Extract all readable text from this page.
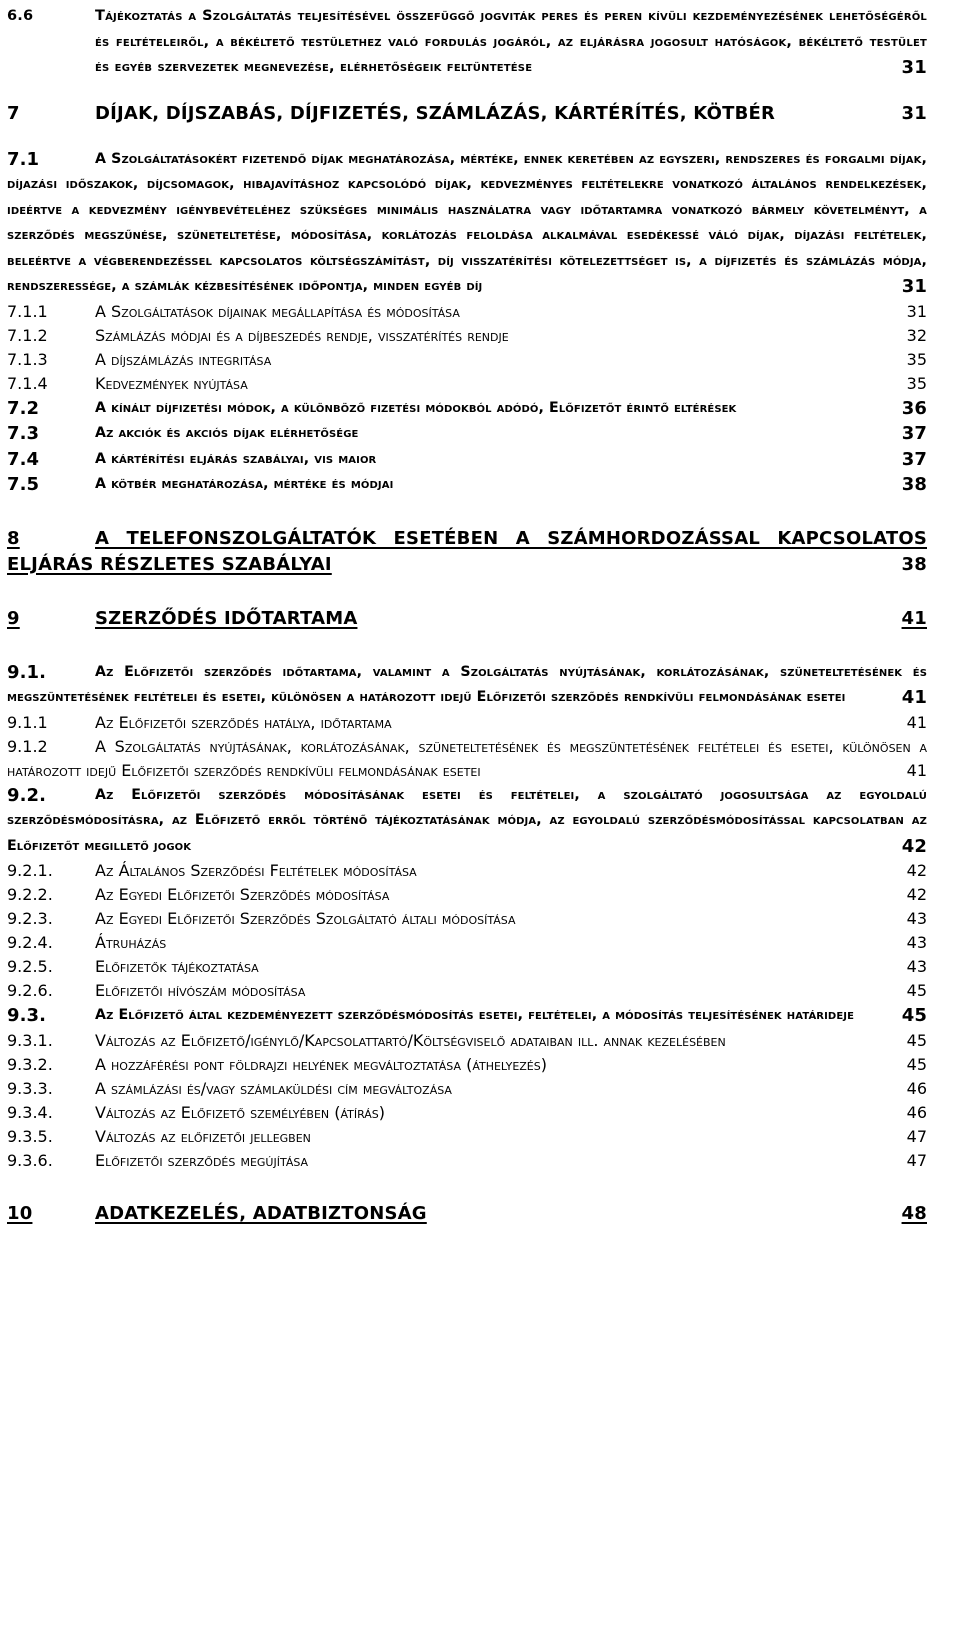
6.6	Tájékoztatás a Szolgáltatás teljesítésével összefüggő jogviták peres és peren kívüli kezdeményezésének lehetőségéről és feltételeiről, a békéltető testülethez való fordulás jogáról, az eljárásra jogosult hatóságok, békéltető testület és egyéb szervezetek megnevezése, elérhetőségeik feltüntetése	31
7	DÍJAK, DÍJSZABÁS, DÍJFIZETÉS, SZÁMLÁZÁS, KÁRTÉRÍTÉS, KÖTBÉR	31
7.1	A Szolgáltatásokért fizetendő díjak meghatározása, mértéke, ennek keretében az egyszeri, rendszeres és forgalmi díjak, díjazási időszakok, díjcsomagok, hibajavításhoz kapcsolódó díjak, kedvezményes feltételekre vonatkozó általános rendelkezések, ideértve a kedvezmény igénybevételéhez szükséges minimális használatra vagy időtartamra vonatkozó bármely követelményt, a szerződés megszűnése, szüneteltetése, módosítása, korlátozás feloldása alkalmával esedékessé váló díjak, díjazási feltételek, beleértve a végberendezéssel kapcsolatos költségszámítást, díj visszatérítési kötelezettséget is, a díjfizetés és számlázás módja, rendszeressége, a számlák kézbesítésének időpontja, minden egyéb díj	31
7.1.1	A Szolgáltatások díjainak megállapítása és módosítása	31
7.1.2	Számlázás módjai és a díjbeszedés rendje, visszatérítés rendje	32
7.1.3	A díjszámlázás integritása	35
7.1.4	Kedvezmények nyújtása	35
7.2	A kínált díjfizetési módok, a különböző fizetési módokból adódó, Előfizetőt érintő eltérések	36
7.3	Az akciók és akciós díjak elérhetősége	37
7.4	A kártérítési eljárás szabályai, vis maior	37
7.5	A kötbér meghatározása, mértéke és módjai	38
8	A TELEFONSZOLGÁLTATÓK ESETÉBEN A SZÁMHORDOZÁSSAL KAPCSOLATOS ELJÁRÁS RÉSZLETES SZABÁLYAI	38
9	SZERZŐDÉS IDŐTARTAMA	41
9.1.	Az Előfizetői szerződés időtartama, valamint a Szolgáltatás nyújtásának, korlátozásának, szüneteltetésének és megszüntetésének feltételei és esetei, különösen a határozott idejű Előfizetői szerződés rendkívüli felmondásának esetei	41
9.1.1	Az Előfizetői szerződés hatálya, időtartama	41
9.1.2	A Szolgáltatás nyújtásának, korlátozásának, szüneteltetésének és megszüntetésének feltételei és esetei, különösen a határozott idejű Előfizetői szerződés rendkívüli felmondásának esetei	41
9.2.	Az Előfizetői szerződés módosításának esetei és feltételei, a szolgáltató jogosultsága az egyoldalú szerződésmódosításra, az Előfizető erről történő tájékoztatásának módja, az egyoldalú szerződésmódosítással kapcsolatban az Előfizetőt megillető jogok	42
9.2.1.	Az Általános Szerződési Feltételek módosítása	42
9.2.2.	Az Egyedi Előfizetői Szerződés módosítása	42
9.2.3.	Az Egyedi Előfizetői Szerződés Szolgáltató általi módosítása	43
9.2.4.	Átruházás	43
9.2.5.	Előfizetők tájékoztatása	43
9.2.6.	Előfizetői hívószám módosítása	45
9.3.	Az Előfizető által kezdeményezett szerződésmódosítás esetei, feltételei, a módosítás teljesítésének határideje	45
9.3.1.	Változás az Előfizető/igénylő/Kapcsolattartó/Költségviselő adataiban ill. annak kezelésében	45
9.3.2.	A hozzáférési pont földrajzi helyének megváltoztatása (áthelyezés)	45
9.3.3.	A számlázási és/vagy számlaküldési cím megváltozása	46
9.3.4.	Változás az Előfizető személyében (átírás)	46
9.3.5.	Változás az előfizetői jellegben	47
9.3.6.	Előfizetői szerződés megújítása	47
10	ADATKEZELÉS, ADATBIZTONSÁG	48
